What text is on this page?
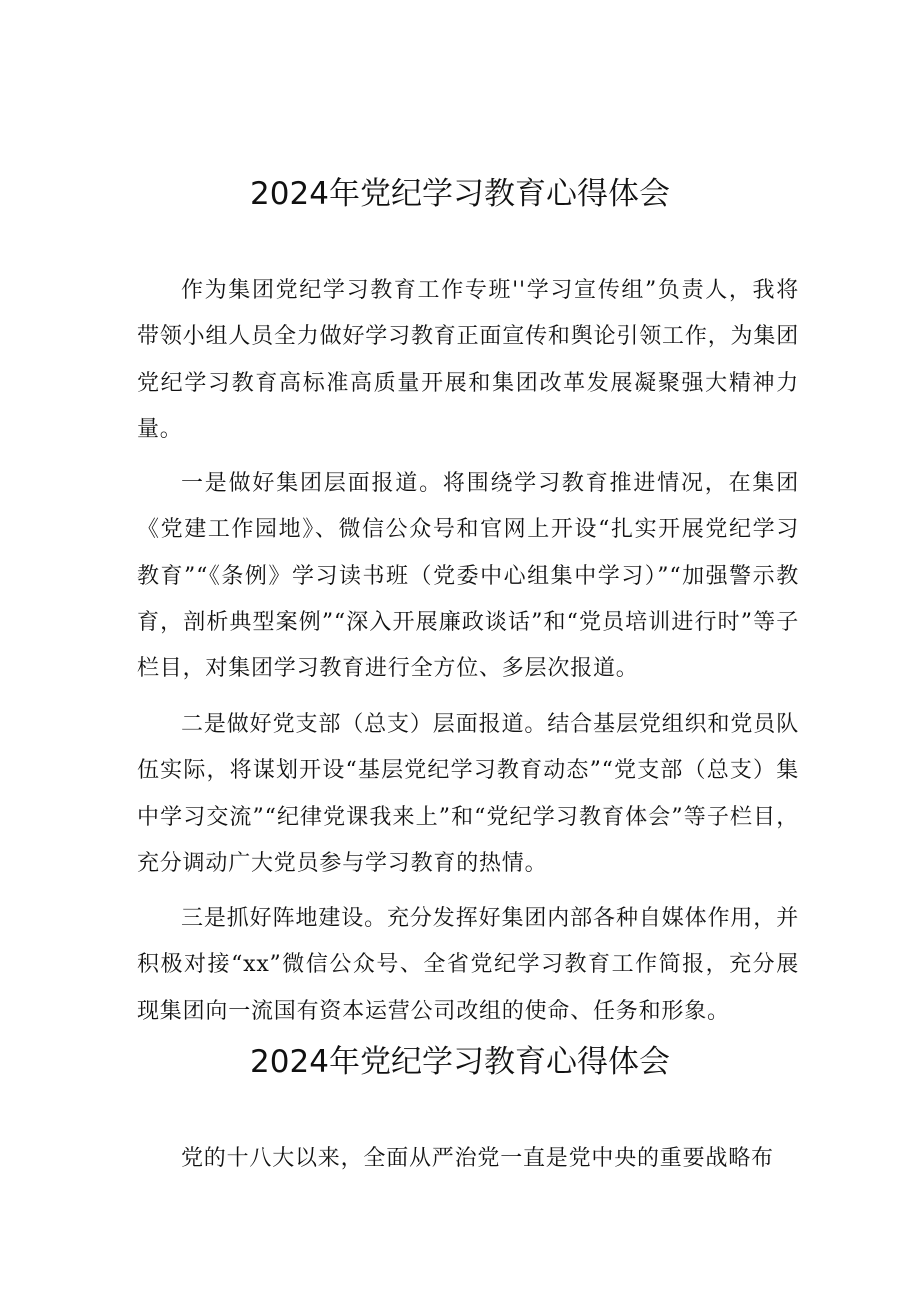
2024年党纪学习教育心得体会

作为集团党纪学习教育工作专班''学习宣传组”负责人，我将带领小组人员全力做好学习教育正面宣传和舆论引领工作，为集团党纪学习教育高标准高质量开展和集团改革发展凝聚强大精神力量。

一是做好集团层面报道。将围绕学习教育推进情况，在集团《党建工作园地》、微信公众号和官网上开设“扎实开展党纪学习教育”“《条例》学习读书班（党委中心组集中学习）”“加强警示教育，剖析典型案例”“深入开展廉政谈话”和“党员培训进行时”等子栏目，对集团学习教育进行全方位、多层次报道。

二是做好党支部（总支）层面报道。结合基层党组织和党员队伍实际，将谋划开设“基层党纪学习教育动态”“党支部（总支）集中学习交流”“纪律党课我来上”和“党纪学习教育体会”等子栏目，充分调动广大党员参与学习教育的热情。

三是抓好阵地建设。充分发挥好集团内部各种自媒体作用，并积极对接“xx”微信公众号、全省党纪学习教育工作简报，充分展现集团向一流国有资本运营公司改组的使命、任务和形象。

2024年党纪学习教育心得体会

党的十八大以来，全面从严治党一直是党中央的重要战略布
